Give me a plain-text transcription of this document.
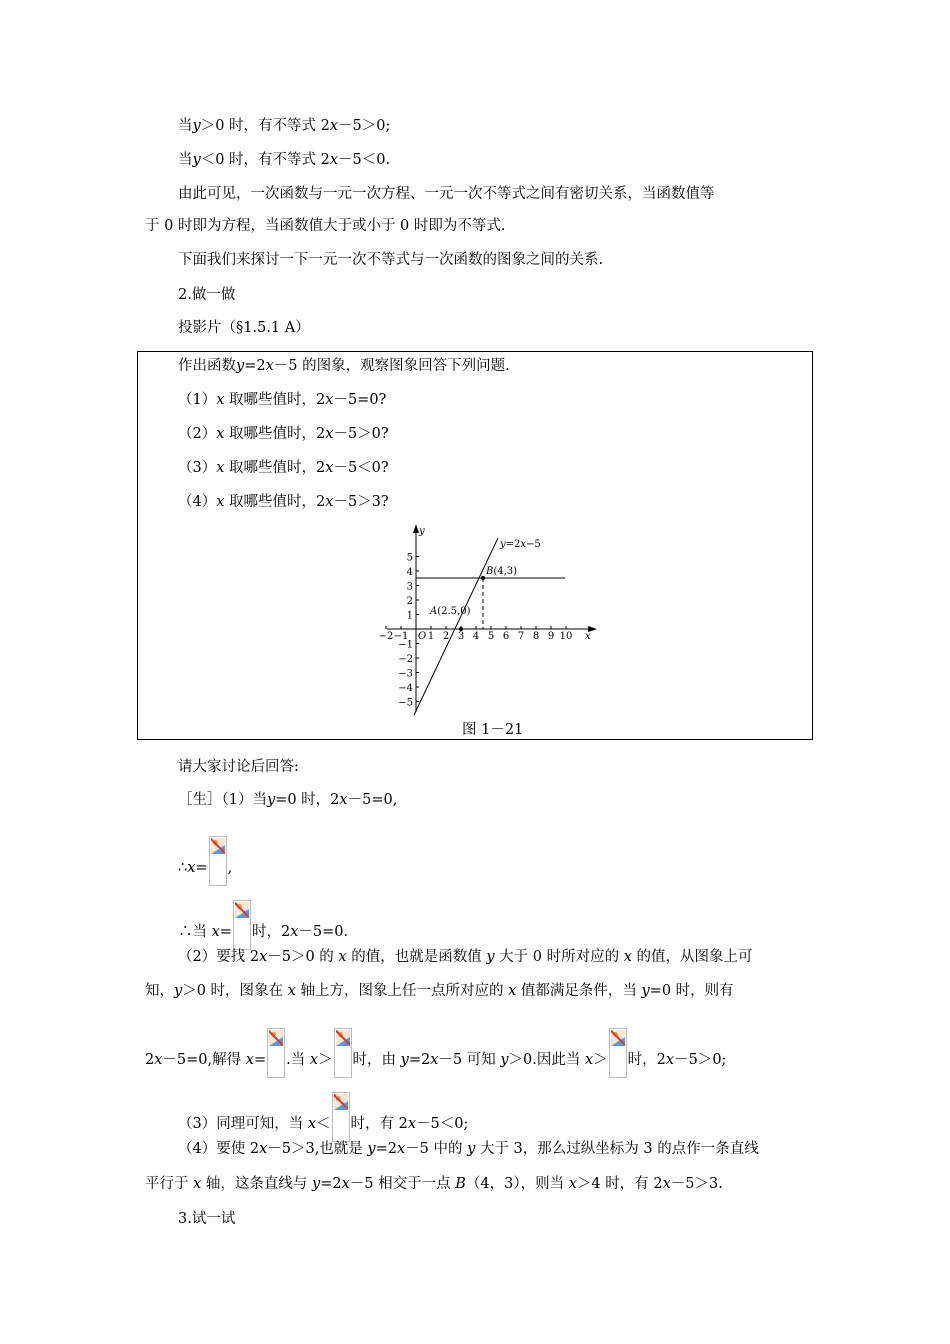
当y＞0 时，有不等式 2x－5＞0;
当y＜0 时，有不等式 2x－5＜0.
由此可见，一次函数与一元一次方程、一元一次不等式之间有密切关系，当函数值等
于 0 时即为方程，当函数值大于或小于 0 时即为不等式.
下面我们来探讨一下一元一次不等式与一次函数的图象之间的关系.
2.做一做
投影片（§1.5.1 A）
作出函数y=2x－5 的图象，观察图象回答下列问题.
（1）x 取哪些值时，2x－5=0?
（2）x 取哪些值时，2x－5＞0?
（3）x 取哪些值时，2x－5＜0?
（4）x 取哪些值时，2x－5＞3?
−2 −1 1 2 3 4 5 6 7 8 9 10
5
4
3
2
1
−1
−2
−3
−4
−5
y=2x−5
A(2.5,0)
B(4,3)
x
y
O
图 1－21
请大家讨论后回答:
［生］（1）当y=0 时，2x－5=0,
∴x= ,
∴当 x= 时，2x－5=0.
（2）要找 2x－5＞0 的 x 的值，也就是函数值 y 大于 0 时所对应的 x 的值，从图象上可
知，y＞0 时，图象在 x 轴上方，图象上任一点所对应的 x 值都满足条件，当 y=0 时，则有
2x－5=0,解得 x= .当 x＞ 时，由 y=2x－5 可知 y＞0.因此当 x＞ 时，2x－5＞0;
（3）同理可知，当 x＜ 时，有 2x－5＜0;
（4）要使 2x－5＞3,也就是 y=2x－5 中的 y 大于 3，那么过纵坐标为 3 的点作一条直线
平行于 x 轴，这条直线与 y=2x－5 相交于一点 B（4，3），则当 x＞4 时，有 2x－5＞3.
3.试一试
